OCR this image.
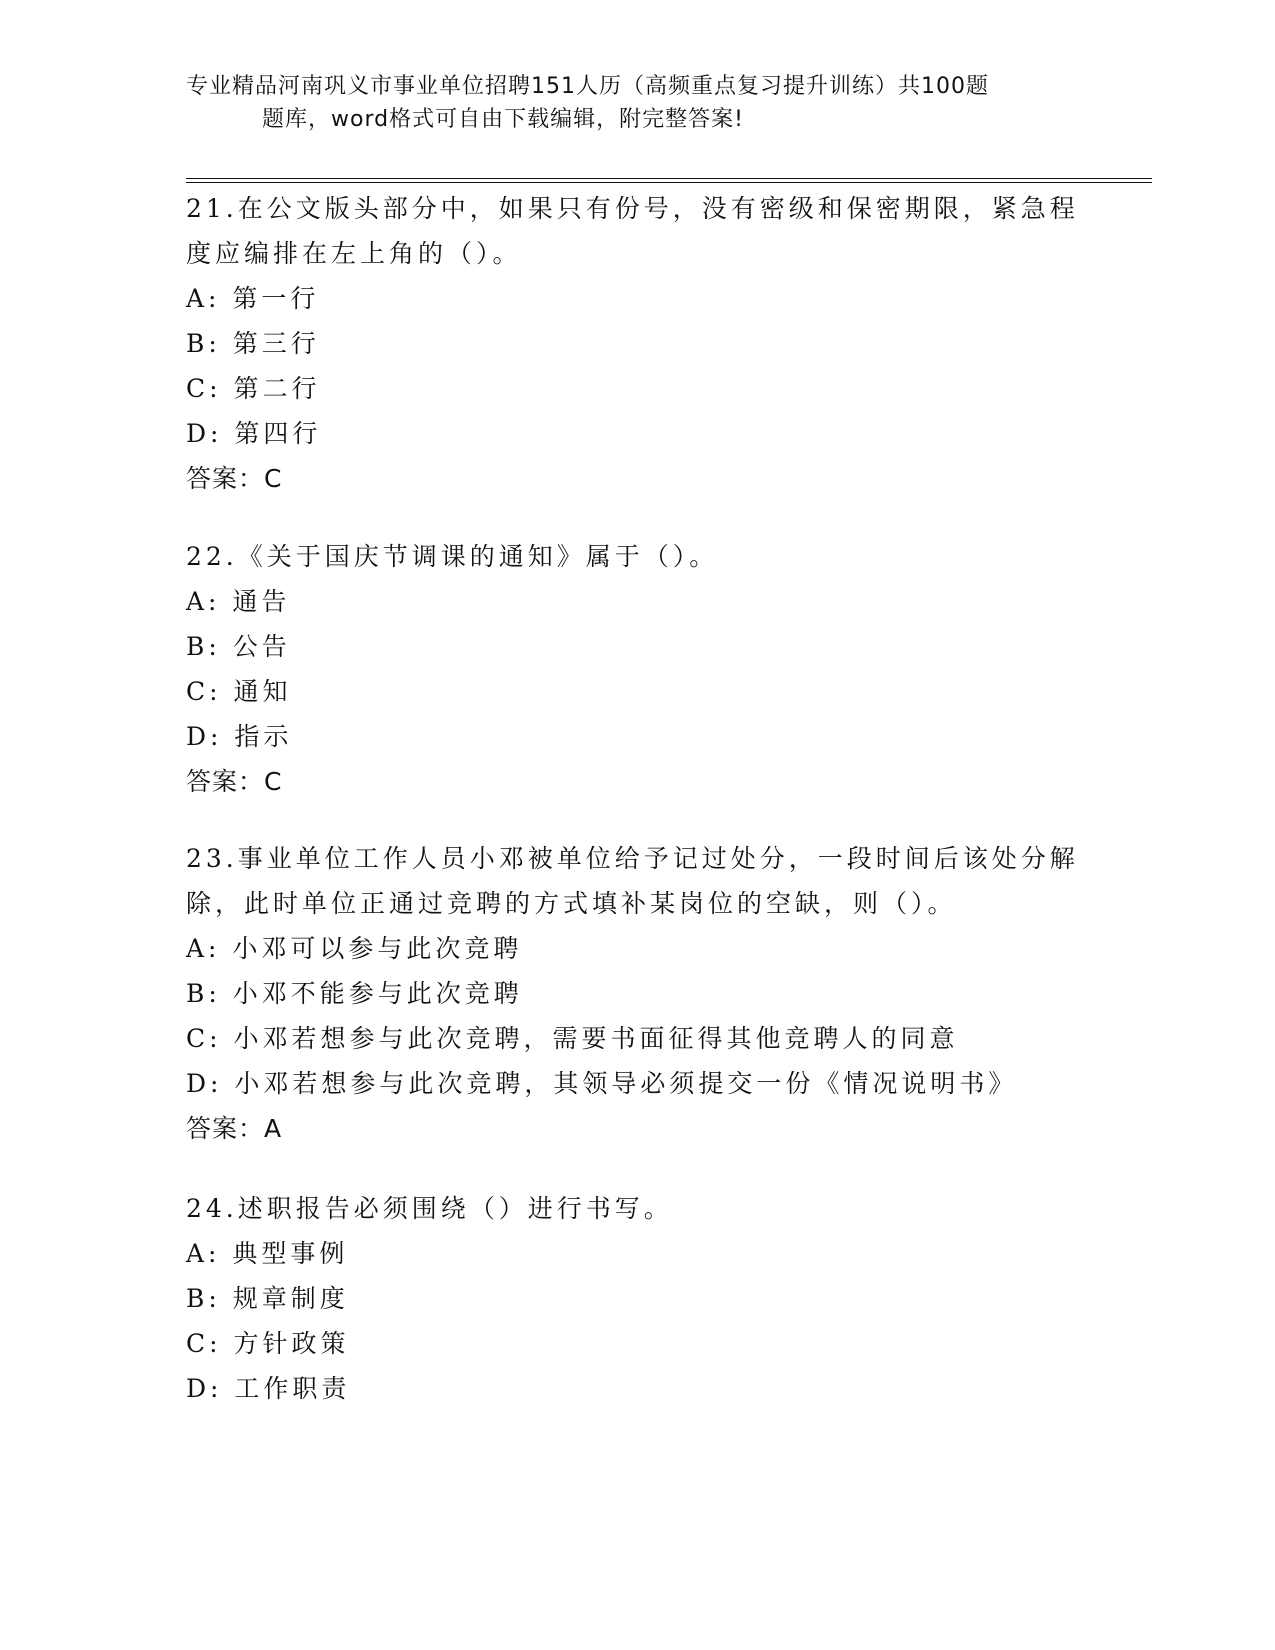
专业精品河南巩义市事业单位招聘151人历（高频重点复习提升训练）共100题
题库，word格式可自由下载编辑，附完整答案!
21.在公文版头部分中，如果只有份号，没有密级和保密期限，紧急程
度应编排在左上角的（）。
A: 第一行
B: 第三行
C: 第二行
D: 第四行
答案：C
22.《关于国庆节调课的通知》属于（）。
A: 通告
B: 公告
C: 通知
D: 指示
答案：C
23.事业单位工作人员小邓被单位给予记过处分，一段时间后该处分解
除，此时单位正通过竞聘的方式填补某岗位的空缺，则（）。
A: 小邓可以参与此次竞聘
B: 小邓不能参与此次竞聘
C: 小邓若想参与此次竞聘，需要书面征得其他竞聘人的同意
D: 小邓若想参与此次竞聘，其领导必须提交一份《情况说明书》
答案：A
24.述职报告必须围绕（）进行书写。
A: 典型事例
B: 规章制度
C: 方针政策
D: 工作职责
